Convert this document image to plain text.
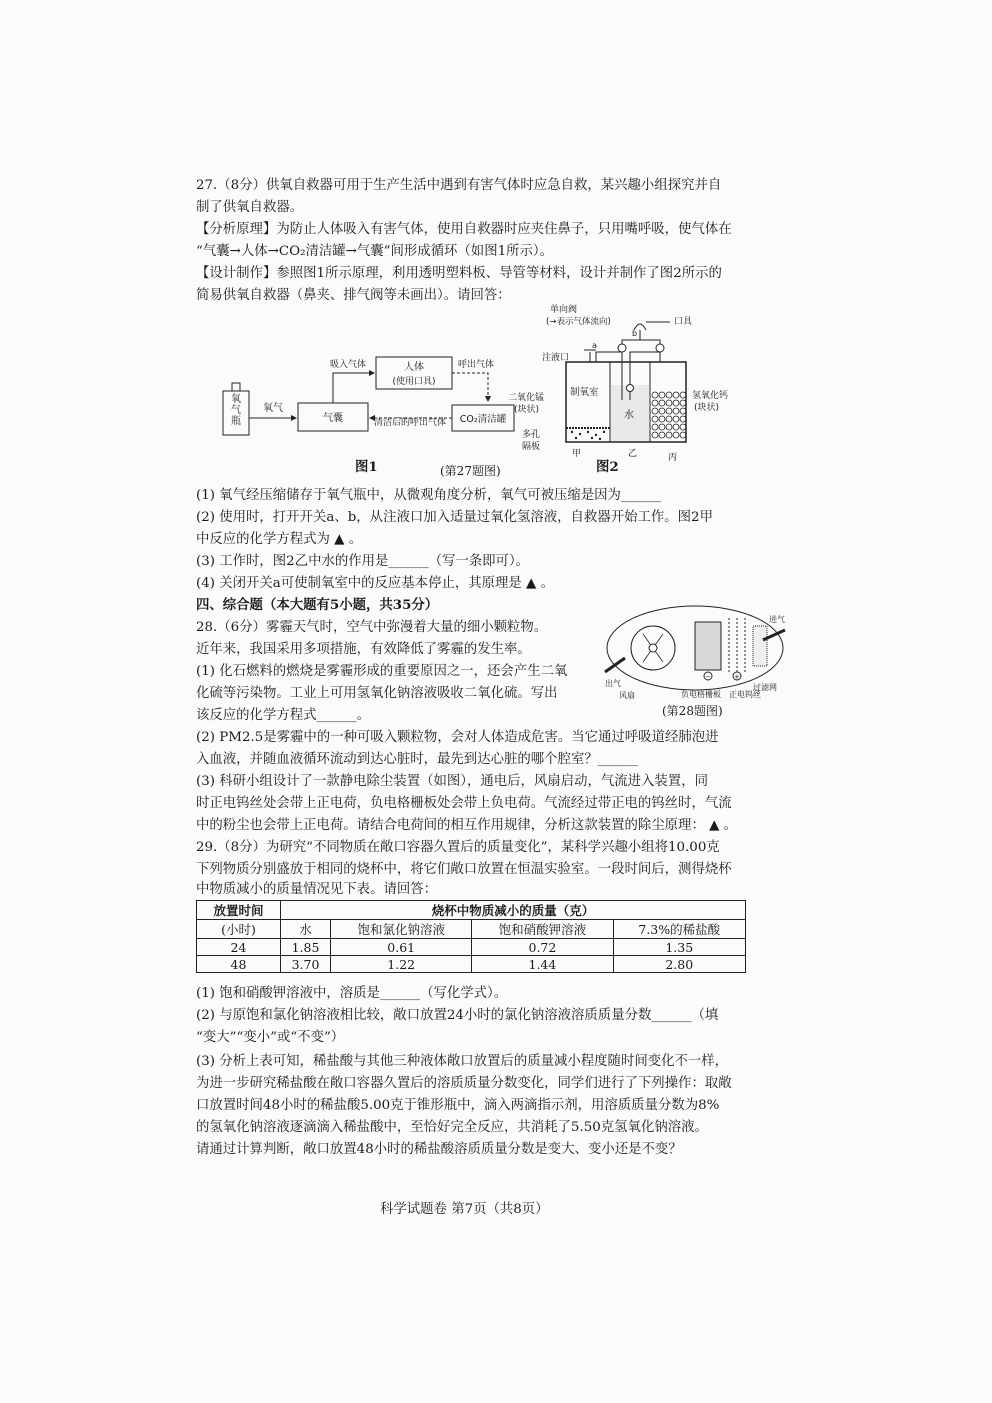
27.（8分）供氧自救器可用于生产生活中遇到有害气体时应急自救，某兴趣小组探究并自
制了供氧自救器。
【分析原理】为防止人体吸入有害气体，使用自救器时应夹住鼻子，只用嘴呼吸，使气体在
“气囊→人体→CO₂清洁罐→气囊”间形成循环（如图1所示）。
【设计制作】参照图1所示原理，利用透明塑料板、导管等材料，设计并制作了图2所示的
简易供氧自救器（鼻夹、排气阀等未画出）。请回答：
氧气瓶
氧气
气囊
人体
(使用口具)
吸入气体	呼出气体
CO₂清洁罐
清洁后的呼出气体
图1
单向阀
(→表示气体流向)	口具
b
a
注液口
制氧室
水
二氧化锰
(块状)
多孔
隔板
氢氧化钙
(块状)
甲	乙	丙
(第27题图)	图2
(1) 氧气经压缩储存于氧气瓶中，从微观角度分析，氧气可被压缩是因为______
(2) 使用时，打开开关a、b，从注液口加入适量过氧化氢溶液，自救器开始工作。图2甲
中反应的化学方程式为 ▲ 。
(3) 工作时，图2乙中水的作用是______（写一条即可）。
(4) 关闭开关a可使制氧室中的反应基本停止，其原理是 ▲ 。
四、综合题（本大题有5小题，共35分）
28.（6分）雾霾天气时，空气中弥漫着大量的细小颗粒物。
近年来，我国采用多项措施，有效降低了雾霾的发生率。
(1) 化石燃料的燃烧是雾霾形成的重要原因之一，还会产生二氧
化硫等污染物。工业上可用氢氧化钠溶液吸收二氧化硫。写出
该反应的化学方程式______。
−	+
进气
出气
风扇
过滤网
负电格栅板 正电钨丝
(第28题图)
(2) PM2.5是雾霾中的一种可吸入颗粒物，会对人体造成危害。当它通过呼吸道经肺泡进
入血液，并随血液循环流动到达心脏时，最先到达心脏的哪个腔室？______
(3) 科研小组设计了一款静电除尘装置（如图），通电后，风扇启动，气流进入装置，同
时正电钨丝处会带上正电荷，负电格栅板处会带上负电荷。气流经过带正电的钨丝时，气流
中的粉尘也会带上正电荷。请结合电荷间的相互作用规律，分析这款装置的除尘原理： ▲ 。
29.（8分）为研究“不同物质在敞口容器久置后的质量变化”，某科学兴趣小组将10.00克
下列物质分别盛放于相同的烧杯中，将它们敞口放置在恒温实验室。一段时间后，测得烧杯
中物质减小的质量情况见下表。请回答：
放置时间	烧杯中物质减小的质量（克）			
(小时)	水	饱和氯化钠溶液	饱和硝酸钾溶液	7.3%的稀盐酸
24	1.85	0.61	0.72	1.35
48	3.70	1.22	1.44	2.80
(1) 饱和硝酸钾溶液中，溶质是______（写化学式）。
(2) 与原饱和氯化钠溶液相比较，敞口放置24小时的氯化钠溶液溶质质量分数______（填
“变大”“变小”或“不变”）
(3) 分析上表可知，稀盐酸与其他三种液体敞口放置后的质量减小程度随时间变化不一样，
为进一步研究稀盐酸在敞口容器久置后的溶质质量分数变化，同学们进行了下列操作：取敞
口放置时间48小时的稀盐酸5.00克于锥形瓶中，滴入两滴指示剂，用溶质质量分数为8%
的氢氧化钠溶液逐滴滴入稀盐酸中，至恰好完全反应，共消耗了5.50克氢氧化钠溶液。
请通过计算判断，敞口放置48小时的稀盐酸溶质质量分数是变大、变小还是不变？
科学试题卷 第7页（共8页）
